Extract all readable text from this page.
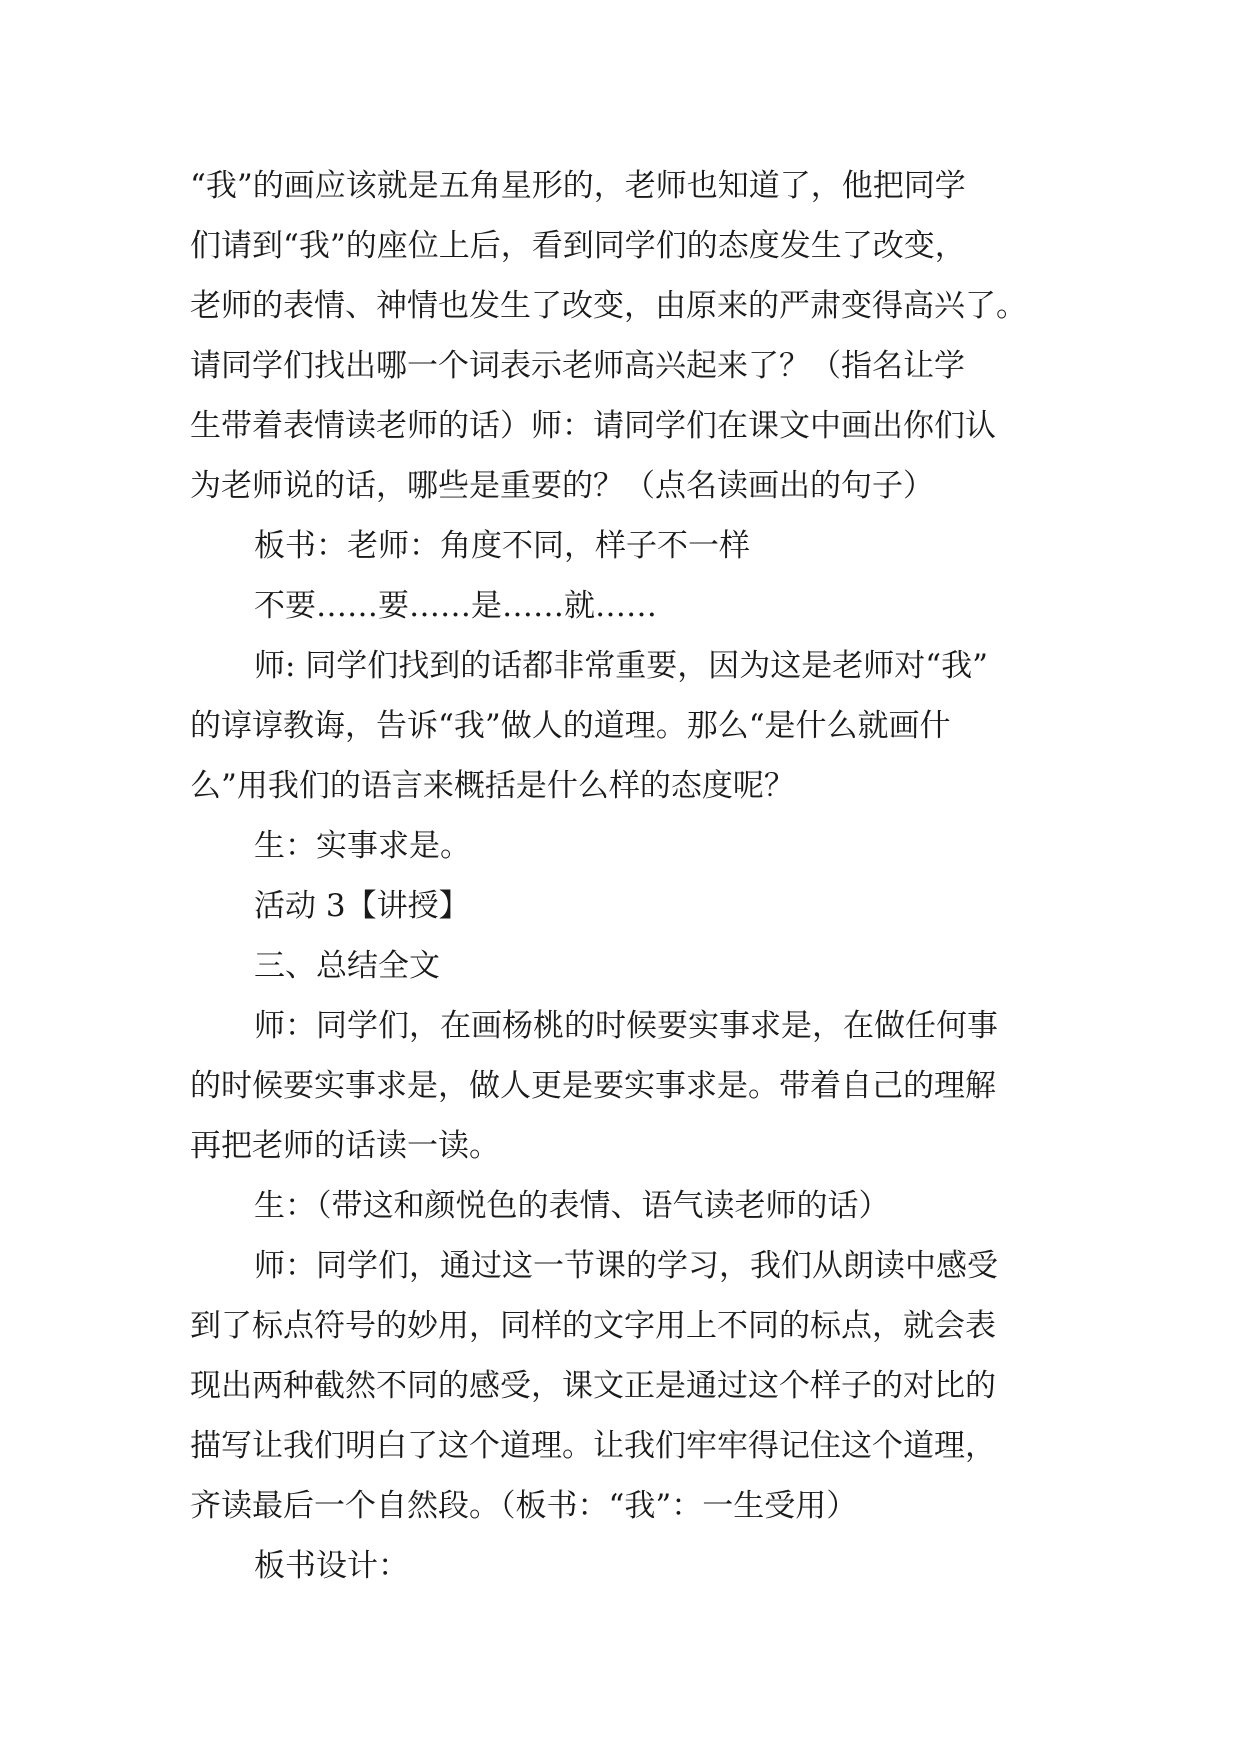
“我”的画应该就是五角星形的，老师也知道了，他把同学
们请到“我”的座位上后，看到同学们的态度发生了改变，
老师的表情、神情也发生了改变，由原来的严肃变得高兴了。
请同学们找出哪一个词表示老师高兴起来了？（指名让学
生带着表情读老师的话）师：请同学们在课文中画出你们认
为老师说的话，哪些是重要的？（点名读画出的句子）
板书：老师：角度不同，样子不一样
不要……要……是……就……
师: 同学们找到的话都非常重要，因为这是老师对“我”
的谆谆教诲，告诉“我”做人的道理。那么“是什么就画什
么”用我们的语言来概括是什么样的态度呢？
生：实事求是。
活动 3【讲授】
三、总结全文
师：同学们，在画杨桃的时候要实事求是，在做任何事
的时候要实事求是，做人更是要实事求是。带着自己的理解
再把老师的话读一读。
生：（带这和颜悦色的表情、语气读老师的话）
师：同学们，通过这一节课的学习，我们从朗读中感受
到了标点符号的妙用，同样的文字用上不同的标点，就会表
现出两种截然不同的感受，课文正是通过这个样子的对比的
描写让我们明白了这个道理。让我们牢牢得记住这个道理，
齐读最后一个自然段。（板书：“我”：一生受用）
板书设计：
